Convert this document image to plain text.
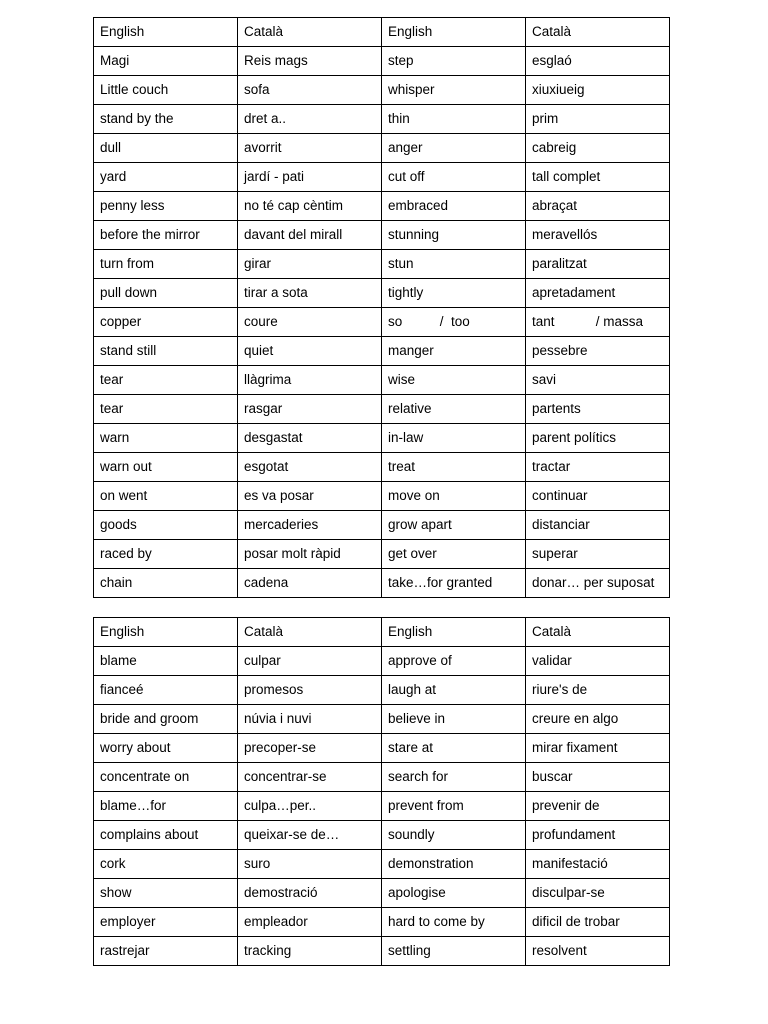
English	Català	English	Català
Magi	Reis mags	step	esglaó
Little couch	sofa	whisper	xiuxiueig
stand by the	dret a..	thin	prim
dull	avorrit	anger	cabreig
yard	jardí - pati	cut off	tall complet
penny less	no té cap cèntim	embraced	abraçat
before the mirror	davant del mirall	stunning	meravellós
turn from	girar	stun	paralitzat
pull down	tirar a sota	tightly	apretadament
copper	coure	so          /  too	tant           / massa
stand still	quiet	manger	pessebre
tear	llàgrima	wise	savi
tear	rasgar	relative	partents
warn	desgastat	in-law	parent polítics
warn out	esgotat	treat	tractar
on went	es va posar	move on	continuar
goods	mercaderies	grow apart	distanciar
raced by	posar molt ràpid	get over	superar
chain	cadena	take…for granted	donar… per suposat
English	Català	English	Català
blame	culpar	approve of	validar
fianceé	promesos	laugh at	riure's de
bride and groom	núvia i nuvi	believe in	creure en algo
worry about	precoper-se	stare at	mirar fixament
concentrate on	concentrar-se	search for	buscar
blame…for	culpa…per..	prevent from	prevenir de
complains about	queixar-se de…	soundly	profundament
cork	suro	demonstration	manifestació
show	demostració	apologise	disculpar-se
employer	empleador	hard to come by	dificil de trobar
rastrejar	tracking	settling	resolvent
